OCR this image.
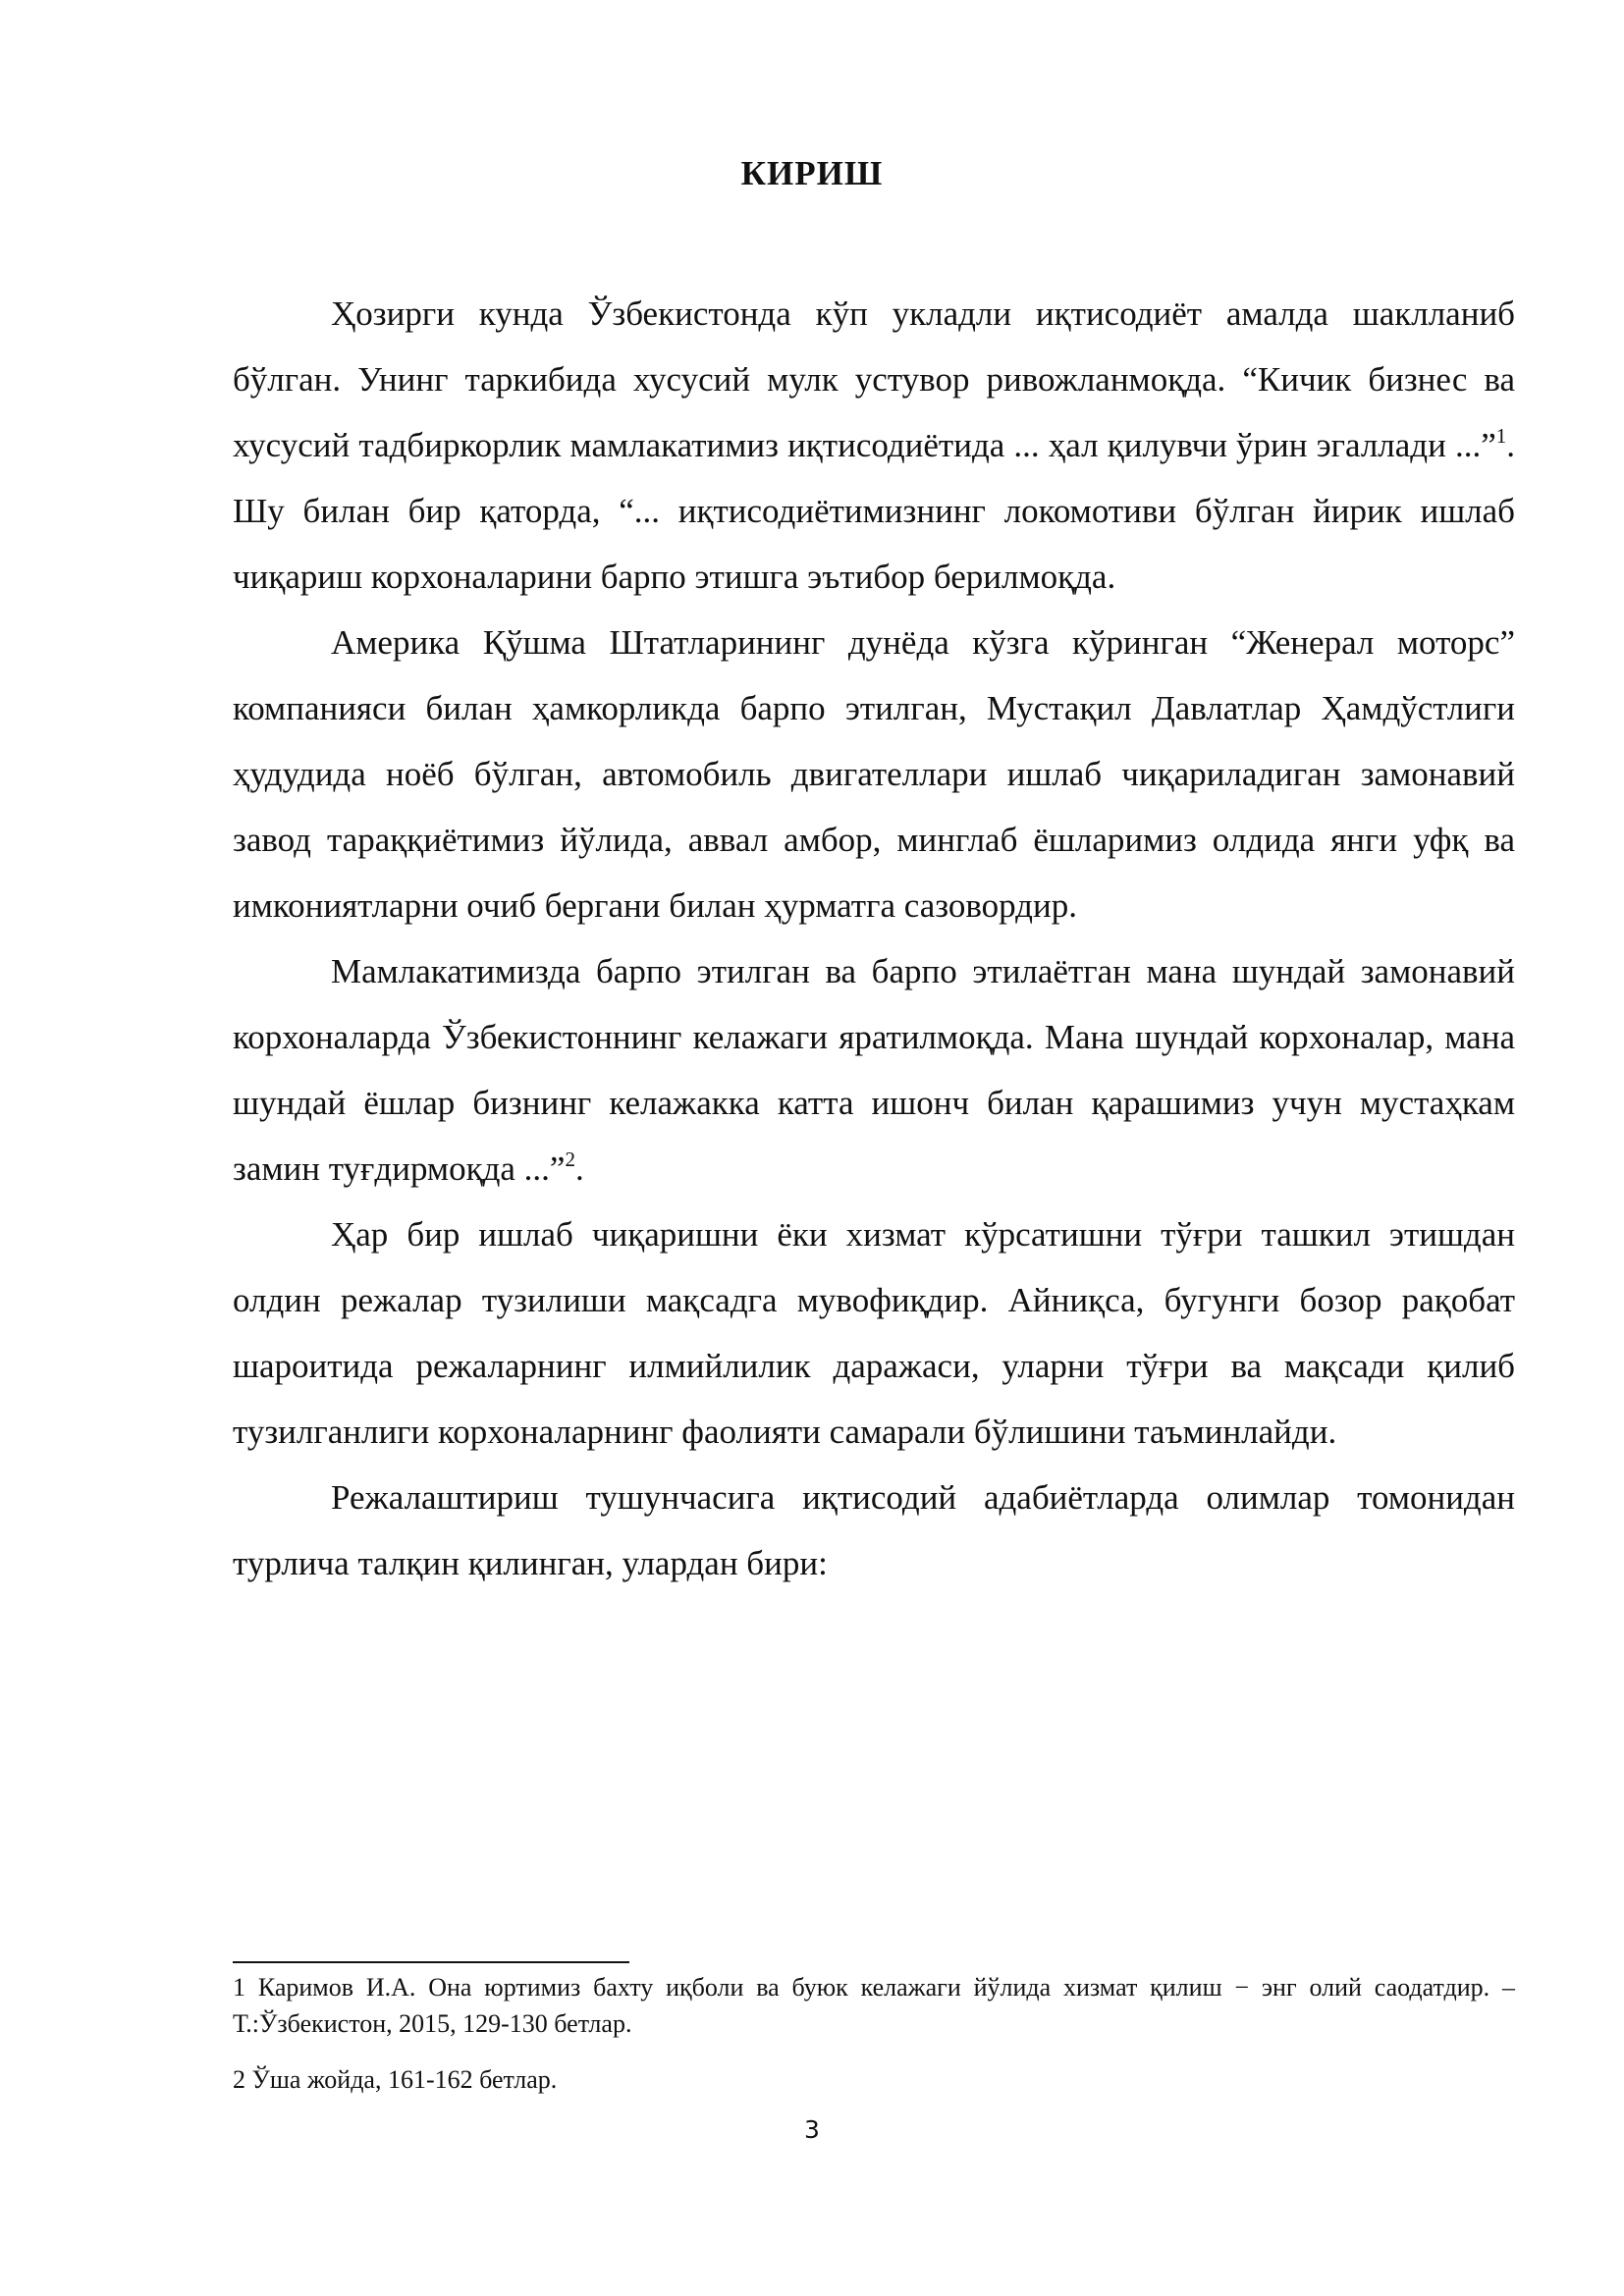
КИРИШ

Ҳозирги кунда Ўзбекистонда кўп укладли иқтисодиёт амалда шаклланиб бўлган. Унинг таркибида хусусий мулк устувор ривожланмоқда. “Кичик бизнес ва хусусий тадбиркорлик мамлакатимиз иқтисодиётида ... ҳал қилувчи ўрин эгаллади ...”$^1$. Шу билан бир қаторда, “... иқтисодиётимизнинг локомотиви бўлган йирик ишлаб чиқариш корхоналарини барпо этишга эътибор берилмоқда.

Америка Қўшма Штатларининг дунёда кўзга кўринган “Женерал моторс” компанияси билан ҳамкорликда барпо этилган, Мустақил Давлатлар Ҳамдўстлиги ҳудудида ноёб бўлган, автомобиль двигателлари ишлаб чиқариладиган замонавий завод тараққиётимиз йўлида, аввал амбор, минглаб ёшларимиз олдида янги уфқ ва имкониятларни очиб бергани билан ҳурматга сазовордир.

Мамлакатимизда барпо этилган ва барпо этилаётган мана шундай замонавий корхоналарда Ўзбекистоннинг келажаги яратилмоқда. Мана шундай корхоналар, мана шундай ёшлар бизнинг келажакка катта ишонч билан қарашимиз учун мустаҳкам замин туғдирмоқда ...”$^2$.

Ҳар бир ишлаб чиқаришни ёки хизмат кўрсатишни тўғри ташкил этишдан олдин режалар тузилиши мақсадга мувофиқдир. Айниқса, бугунги бозор рақобат шароитида режаларнинг илмийлилик даражаси, уларни тўғри ва мақсади қилиб тузилганлиги корхоналарнинг фаолияти самарали бўлишини таъминлайди.

Режалаштириш тушунчасига иқтисодий адабиётларда олимлар томонидан турлича талқин қилинган, улардан бири:

1 Каримов И.А. Она юртимиз бахту иқболи ва буюк келажаги йўлида хизмат қилиш − энг олий саодатдир. –Т.:Ўзбекистон, 2015, 129-130 бетлар.

2 Ўша жойда, 161-162 бетлар.

3
